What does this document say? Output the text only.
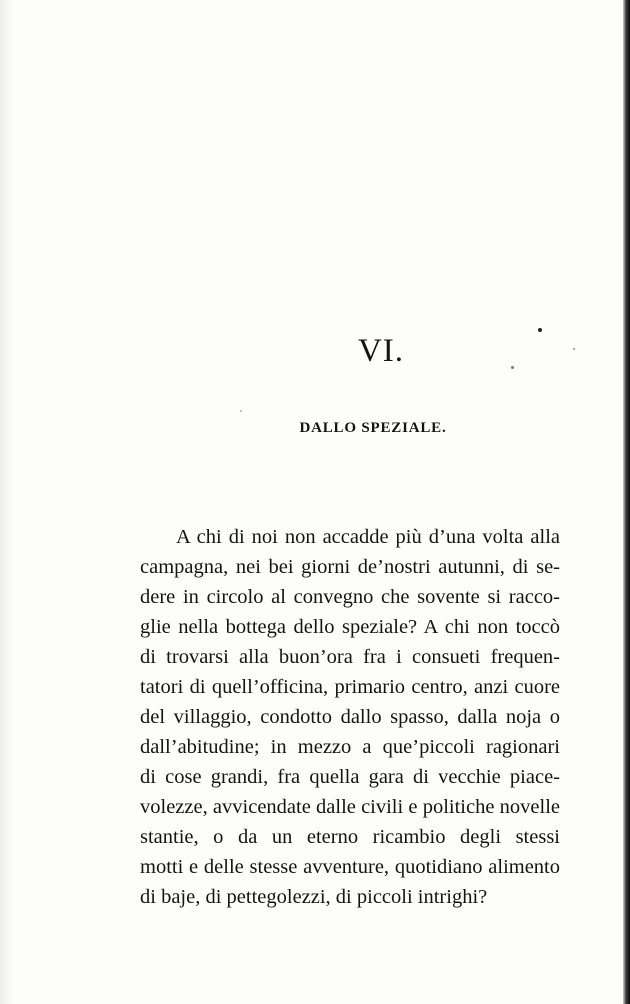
VI.
DALLO SPEZIALE.
A chi di noi non accadde più d’una volta alla
campagna, nei bei giorni de’nostri autunni, di se-
dere in circolo al convegno che sovente si racco-
glie nella bottega dello speziale? A chi non toccò
di trovarsi alla buon’ora fra i consueti frequen-
tatori di quell’officina, primario centro, anzi cuore
del villaggio, condotto dallo spasso, dalla noja o
dall’abitudine; in mezzo a que’piccoli ragionari
di cose grandi, fra quella gara di vecchie piace-
volezze, avvicendate dalle civili e politiche novelle
stantie, o da un eterno ricambio degli stessi
motti e delle stesse avventure, quotidiano alimento
di baje, di pettegolezzi, di piccoli intrighi?
